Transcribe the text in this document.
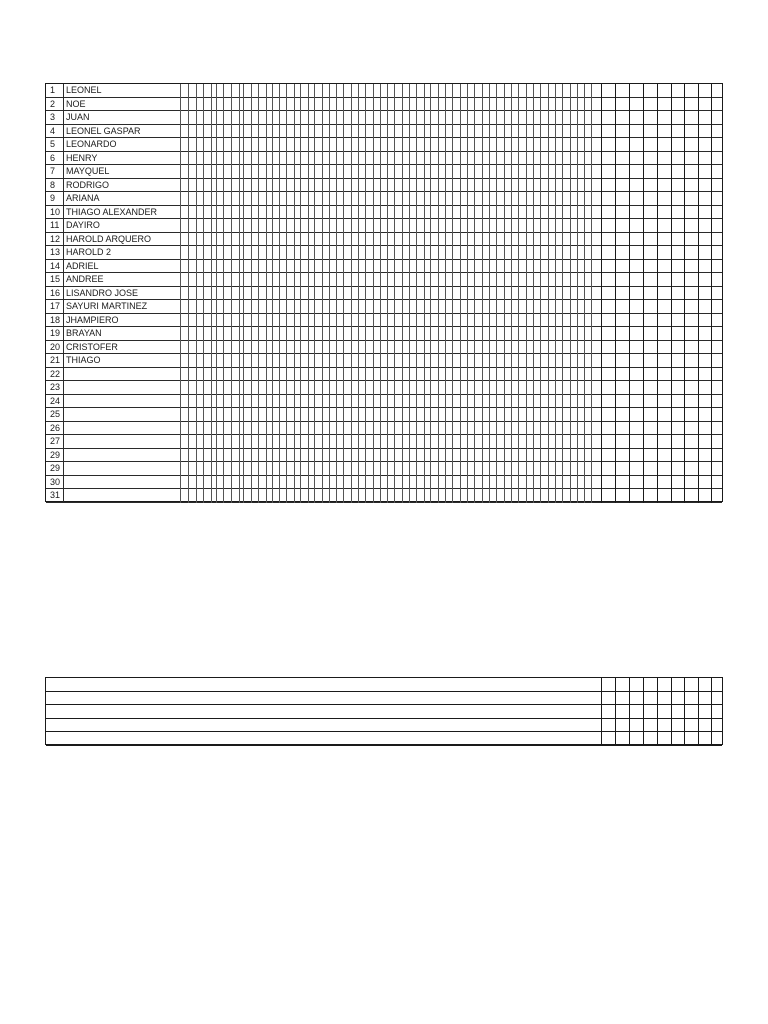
1	LEONEL
2	NOE
3	JUAN
4	LEONEL GASPAR
5	LEONARDO
6	HENRY
7	MAYQUEL
8	RODRIGO
9	ARIANA
10 THIAGO ALEXANDER
11 DAYIRO
12 HAROLD ARQUERO
13 HAROLD 2
14 ADRIEL
15 ANDREE
16 LISANDRO JOSE
17 SAYURI MARTINEZ
18 JHAMPIERO
19 BRAYAN
20 CRISTOFER
21 THIAGO
22
23
24
25
26
27
29
29
30
31
